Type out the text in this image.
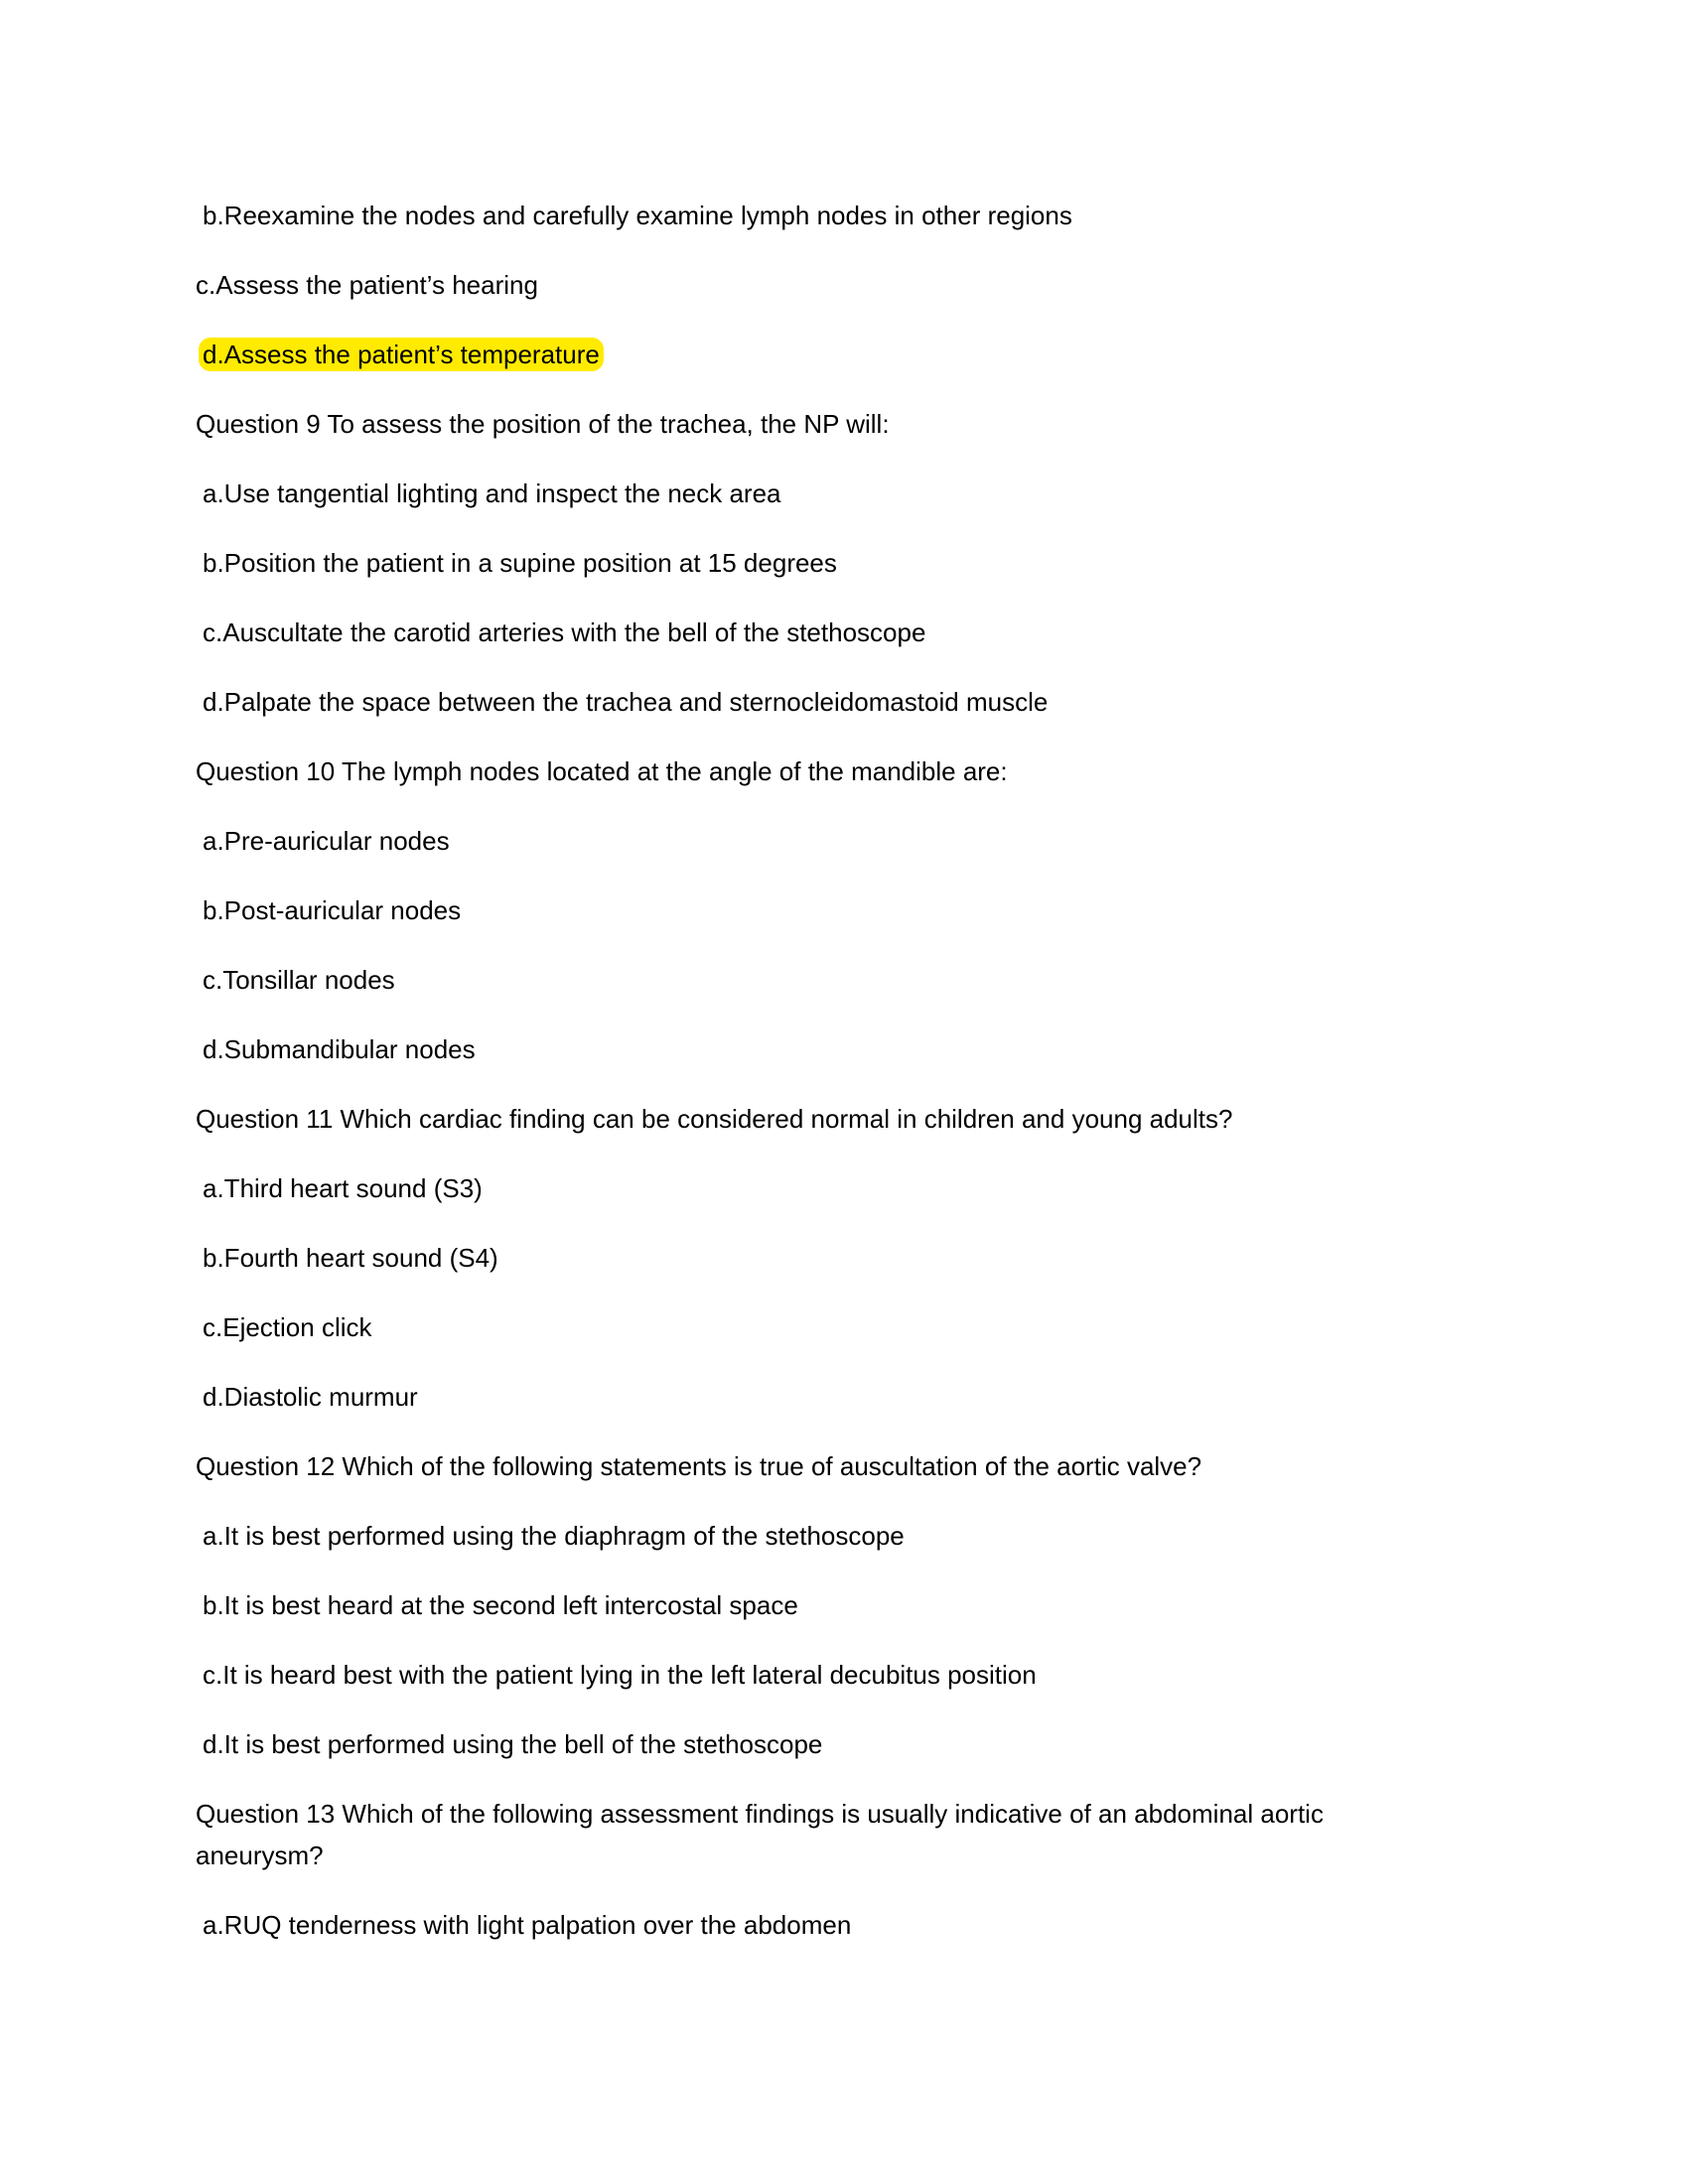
b.Reexamine the nodes and carefully examine lymph nodes in other regions
c.Assess the patient’s hearing
d.Assess the patient’s temperature
Question 9 To assess the position of the trachea, the NP will:
a.Use tangential lighting and inspect the neck area
b.Position the patient in a supine position at 15 degrees
c.Auscultate the carotid arteries with the bell of the stethoscope
d.Palpate the space between the trachea and sternocleidomastoid muscle
Question 10 The lymph nodes located at the angle of the mandible are:
a.Pre-auricular nodes
b.Post-auricular nodes
c.Tonsillar nodes
d.Submandibular nodes
Question 11 Which cardiac finding can be considered normal in children and young adults?
a.Third heart sound (S3)
b.Fourth heart sound (S4)
c.Ejection click
d.Diastolic murmur
Question 12 Which of the following statements is true of auscultation of the aortic valve?
a.It is best performed using the diaphragm of the stethoscope
b.It is best heard at the second left intercostal space
c.It is heard best with the patient lying in the left lateral decubitus position
d.It is best performed using the bell of the stethoscope
Question 13 Which of the following assessment findings is usually indicative of an abdominal aortic aneurysm?
a.RUQ tenderness with light palpation over the abdomen
